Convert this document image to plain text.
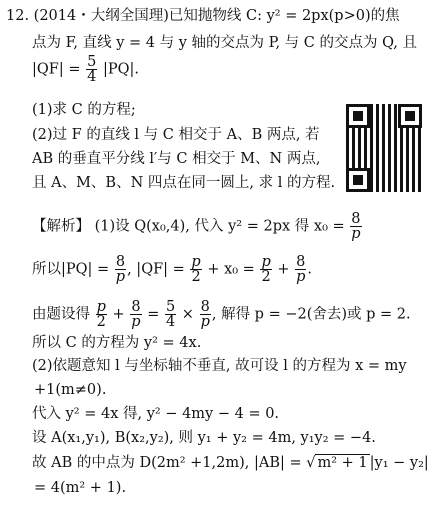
12. (2014・大纲全国理)已知抛物线 C: y² = 2px(p>0)的焦
点为 F, 直线 y = 4 与 y 轴的交点为 P, 与 C 的交点为 Q, 且
$|QF| = \frac{5}{4} |PQ|$.
(1)求 C 的方程;
(2)过 F 的直线 l 与 C 相交于 A、B 两点, 若
AB 的垂直平分线 l′与 C 相交于 M、N 两点,
且 A、M、B、N 四点在同一圆上, 求 l 的方程.
【解析】 (1)设 Q(x₀,4), 代入 y² = 2px 得 $x_0 = \frac{8}{p}$
所以$|PQ| = \frac{8}{p}$ , $|QF| = \frac{p}{2} + x_0 = \frac{p}{2} + \frac{8}{p}$ .
由题设得 $\frac{p}{2} + \frac{8}{p} = \frac{5}{4} \times \frac{8}{p}$ , 解得 p = −2(舍去)或 p = 2.
所以 C 的方程为 y² = 4x.
(2)依题意知 l 与坐标轴不垂直, 故可设 l 的方程为 x = my
+1(m≠0).
代入 y² = 4x 得, y² − 4my − 4 = 0.
设 A(x₁,y₁), B(x₂,y₂), 则 y₁ + y₂ = 4m, y₁y₂ = −4.
故 AB 的中点为 D(2m² +1,2m), |AB| = √ m² + 1 |y₁ − y₂|
= 4(m² + 1).
